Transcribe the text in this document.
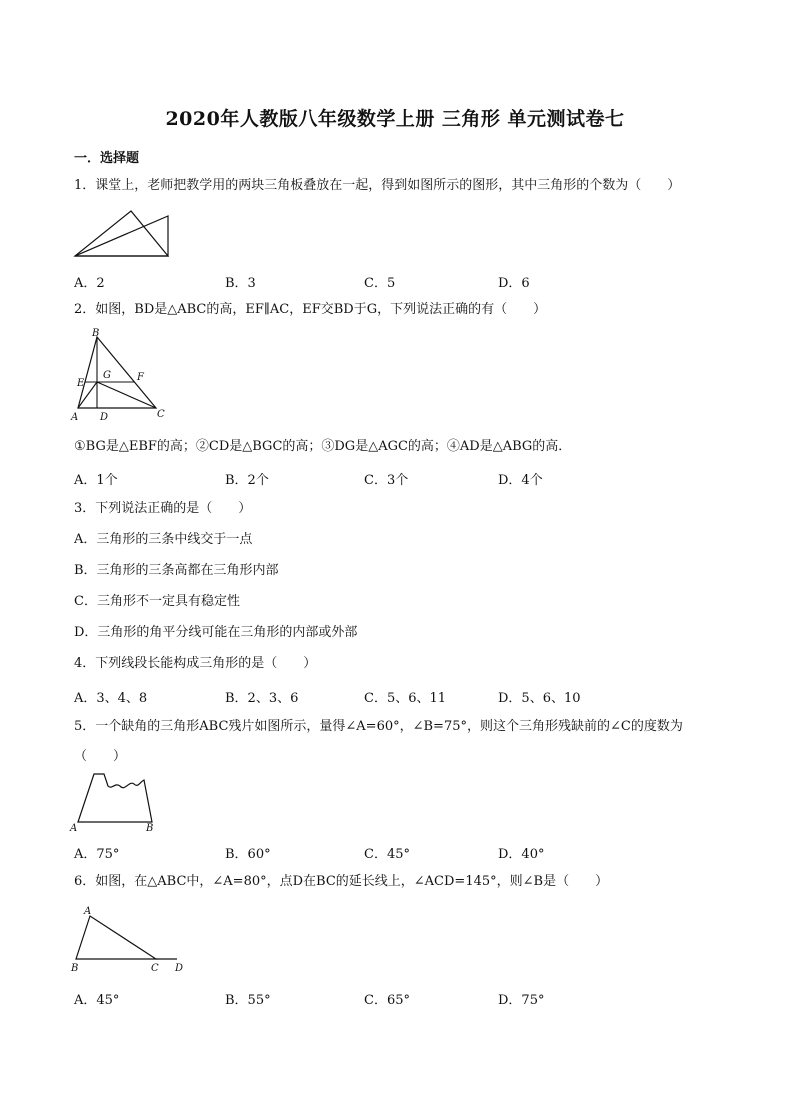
2020年人教版八年级数学上册 三角形 单元测试卷七
一．选择题
1．课堂上，老师把教学用的两块三角板叠放在一起，得到如图所示的图形，其中三角形的个数为（　　）
A．2	B．3	C．5	D．6
2．如图，BD是△ABC的高，EF∥AC，EF交BD于G，下列说法正确的有（　　）
B
E
G	F
A D	C
①BG是△EBF的高；②CD是△BGC的高；③DG是△AGC的高；④AD是△ABG的高．
A．1个	B．2个	C．3个	D．4个
3．下列说法正确的是（　　）
A．三角形的三条中线交于一点
B．三角形的三条高都在三角形内部
C．三角形不一定具有稳定性
D．三角形的角平分线可能在三角形的内部或外部
4．下列线段长能构成三角形的是（　　）
A．3、4、8	B．2、3、6	C．5、6、11	D．5、6、10
5．一个缺角的三角形ABC残片如图所示，量得∠A=60°，∠B=75°，则这个三角形残缺前的∠C的度数为
（　　）
A	B
A．75°	B．60°	C．45°	D．40°
6．如图，在△ABC中，∠A=80°，点D在BC的延长线上，∠ACD=145°，则∠B是（　　）
A
B	C D
A．45°	B．55°	C．65°	D．75°
